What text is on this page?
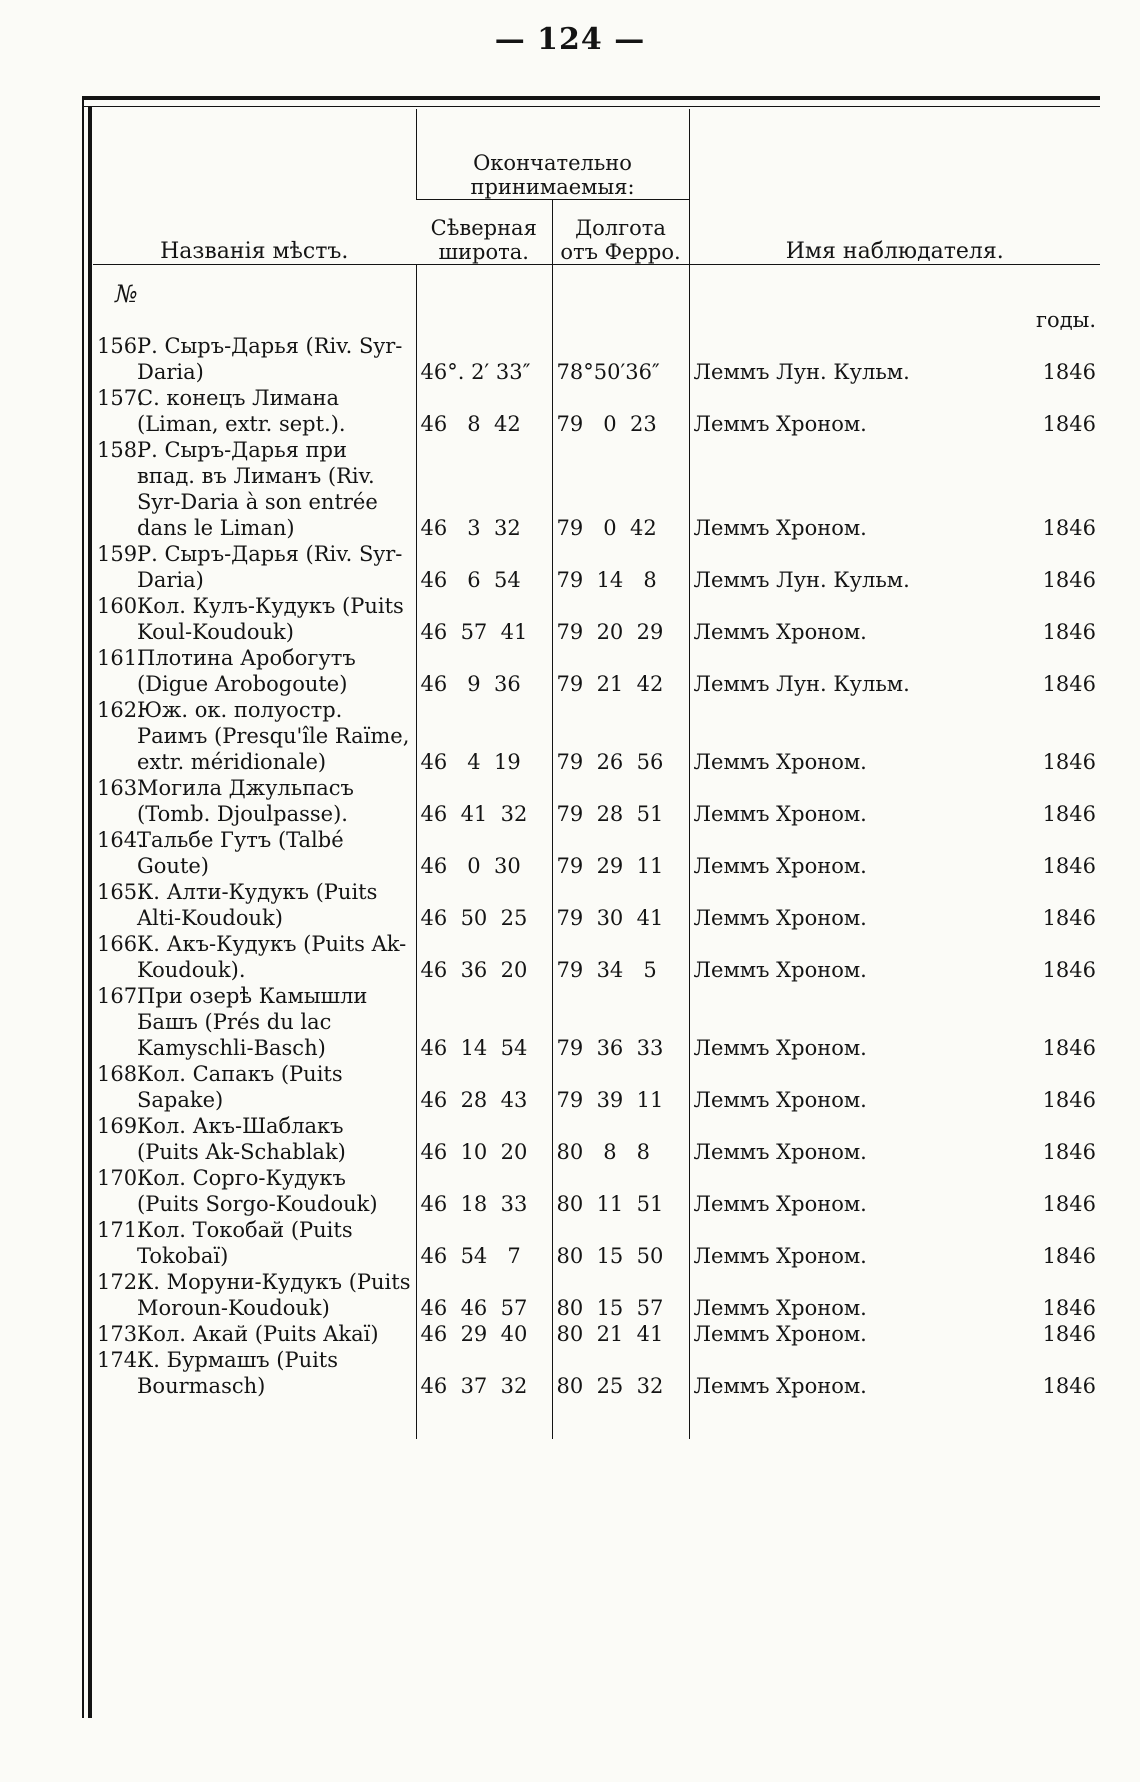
— 124 —
Названія мѣстъ.	Окончательно принимаемыя:		Имя наблюдателя.
	Сѣверная широта.	Долгота отъ Ферро.	
№			
			годы.
156.Р. Сыръ-Дарья (Riv. Syr-Daria)	46°. 2′ 33″	78°50′36″	Леммъ Лун. Кульм. 1846

157.С. конецъ Лимана (Liman, extr. sept.).	46   8  42	79   0  23	Леммъ Хроном. 1846

158.Р. Сыръ-Дарья при впад. въ Лиманъ (Riv. Syr-Daria à son entrée dans le Liman)	46   3  32	79   0  42	Леммъ Хроном. 1846

159.Р. Сыръ-Дарья (Riv. Syr-Daria)	46   6  54	79  14   8	Леммъ Лун. Кульм. 1846

160.Кол. Кулъ-Кудукъ (Puits Koul-Koudouk)	46  57  41	79  20  29	Леммъ Хроном. 1846

161.Плотина Аробогутъ (Digue Arobogoute)	46   9  36	79  21  42	Леммъ Лун. Кульм. 1846

162.Юж. ок. полуостр. Раимъ (Presqu'île Raïme, extr. méridionale)	46   4  19	79  26  56	Леммъ Хроном. 1846

163.Могила Джульпасъ (Tomb. Djoulpasse).	46  41  32	79  28  51	Леммъ Хроном. 1846

164.Тальбе Гутъ (Talbé Goute)	46   0  30	79  29  11	Леммъ Хроном. 1846

165.К. Алти-Кудукъ (Puits Alti-Koudouk)	46  50  25	79  30  41	Леммъ Хроном. 1846

166.К. Акъ-Кудукъ (Puits Ak-Koudouk).	46  36  20	79  34   5	Леммъ Хроном. 1846

167.При озерѣ Камышли Башъ (Prés du lac Kamyschli-Basch)	46  14  54	79  36  33	Леммъ Хроном. 1846

168.Кол. Сапакъ (Puits Sapake)	46  28  43	79  39  11	Леммъ Хроном. 1846

169.Кол. Акъ-Шаблакъ (Puits Ak-Schablak)	46  10  20	80   8   8	Леммъ Хроном. 1846

170.Кол. Сорго-Кудукъ (Puits Sorgo-Koudouk)	46  18  33	80  11  51	Леммъ Хроном. 1846

171.Кол. Токобай (Puits Tokobaï)	46  54   7	80  15  50	Леммъ Хроном. 1846

172.К. Моруни-Кудукъ (Puits Moroun-Koudouk)	46  46  57	80  15  57	Леммъ Хроном. 1846

173.Кол. Акай (Puits Akaï)	46  29  40	80  21  41	Леммъ Хроном. 1846

174.К. Бурмашъ (Puits Bourmasch)	46  37  32	80  25  32	Леммъ Хроном. 1846
